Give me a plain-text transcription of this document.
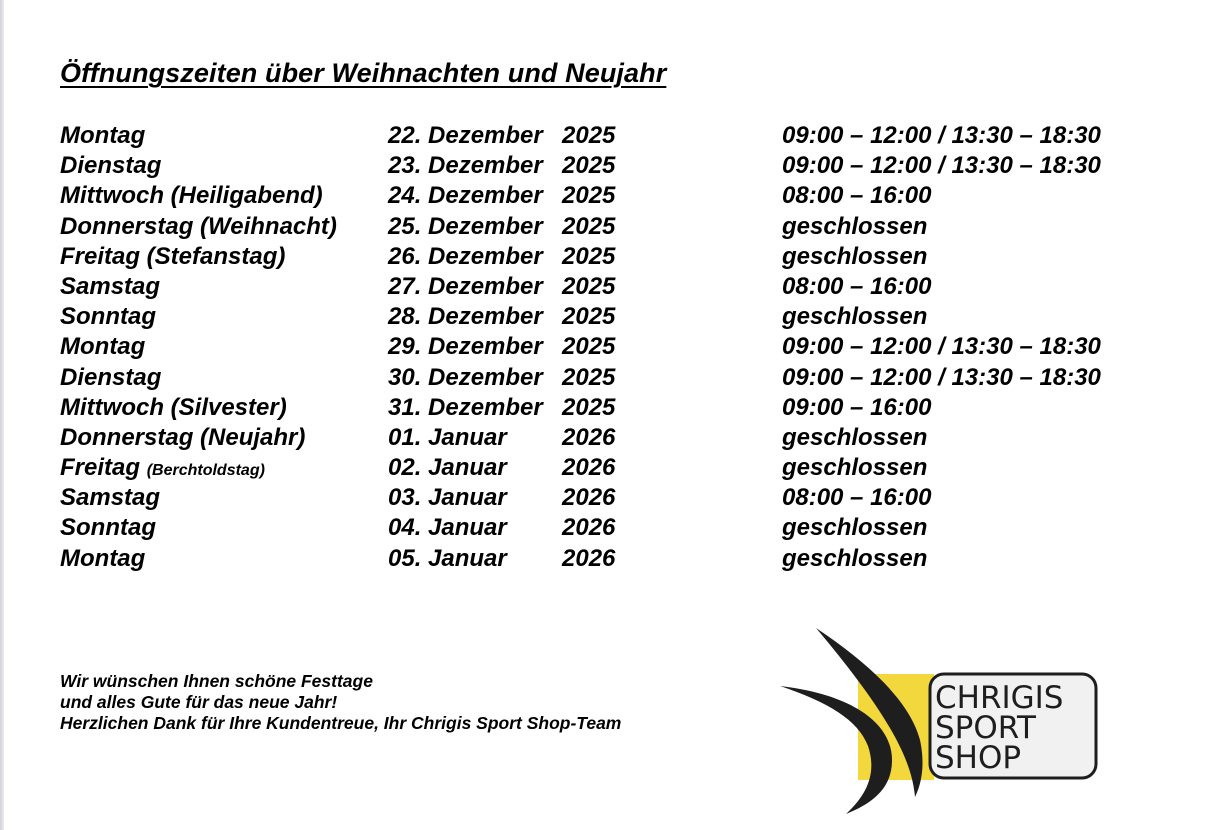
Öffnungszeiten über Weihnachten und Neujahr
Montag	22. Dezember 2025	09:00 – 12:00 / 13:30 – 18:30
Dienstag	23. Dezember 2025	09:00 – 12:00 / 13:30 – 18:30
Mittwoch (Heiligabend)	24. Dezember 2025	08:00 – 16:00
Donnerstag (Weihnacht) 25. Dezember 2025	geschlossen
Freitag (Stefanstag)	26. Dezember 2025	geschlossen
Samstag	27. Dezember 2025	08:00 – 16:00
Sonntag	28. Dezember 2025	geschlossen
Montag	29. Dezember 2025	09:00 – 12:00 / 13:30 – 18:30
Dienstag	30. Dezember 2025	09:00 – 12:00 / 13:30 – 18:30
Mittwoch (Silvester)	31. Dezember 2025	09:00 – 16:00
Donnerstag (Neujahr)	01. Januar 2026	geschlossen
Freitag (Berchtoldstag)	02. Januar 2026	geschlossen
Samstag	03. Januar 2026	08:00 – 16:00
Sonntag	04. Januar 2026	geschlossen
Montag	05. Januar 2026	geschlossen
Wir wünschen Ihnen schöne Festtage
und alles Gute für das neue Jahr!
Herzlichen Dank für Ihre Kundentreue, Ihr Chrigis Sport Shop-Team
CHRIGIS
SPORT
SHOP
